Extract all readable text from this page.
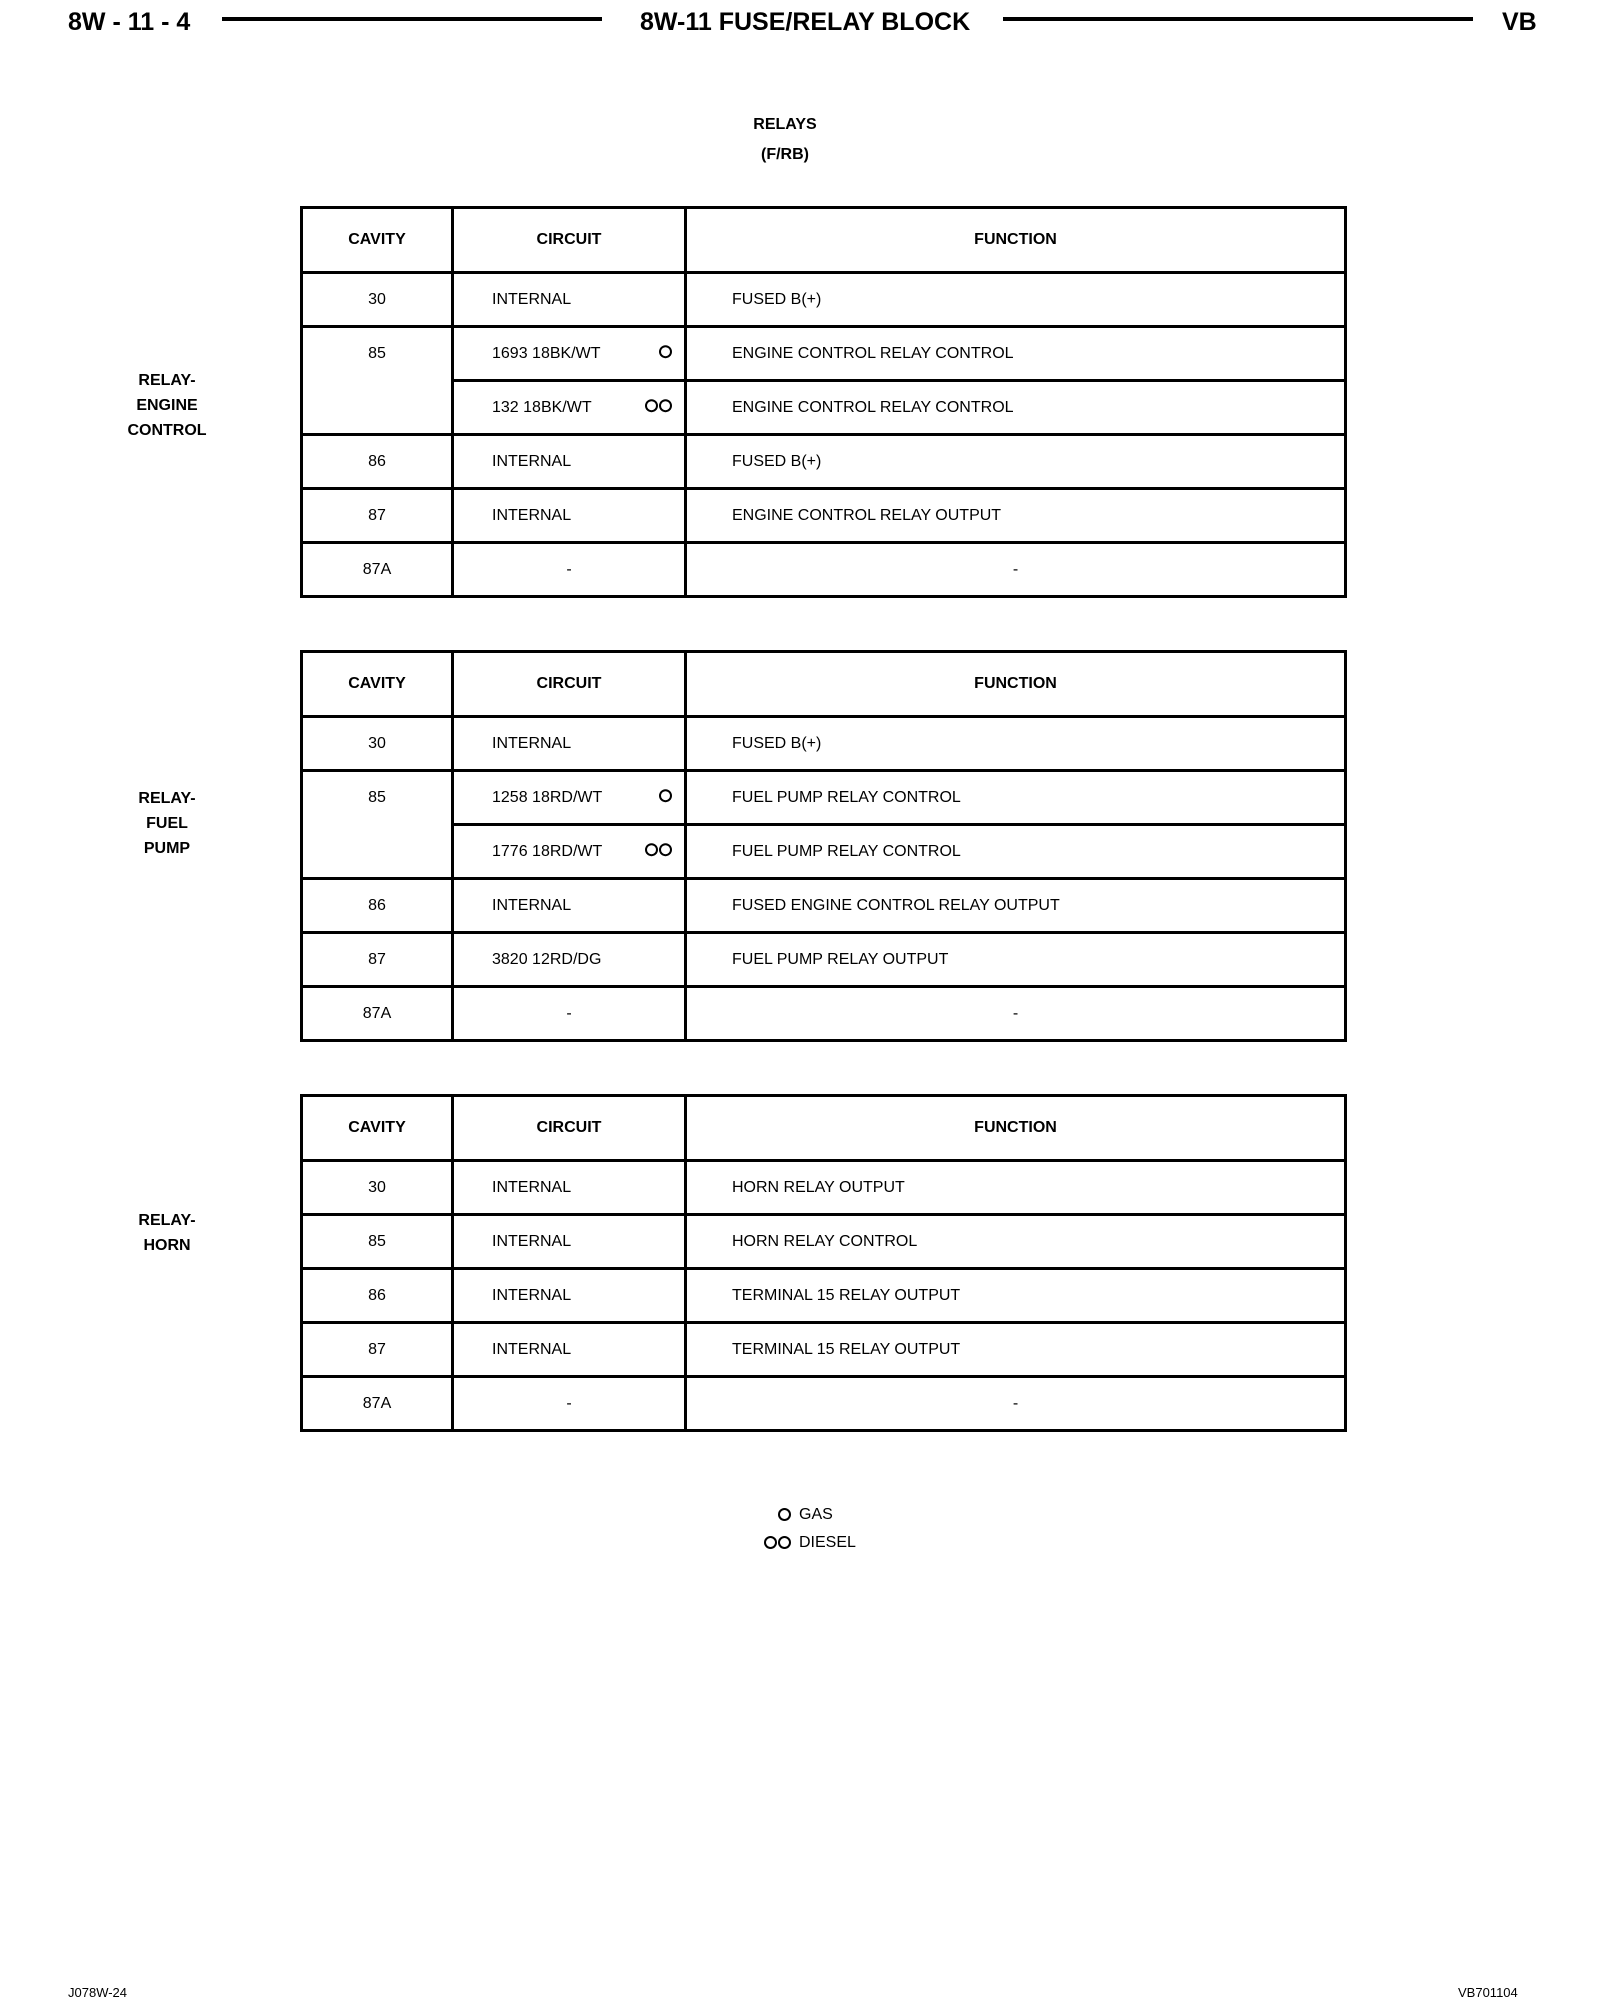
8W - 11 - 4	8W-11 FUSE/RELAY BLOCK	VB
RELAYS
(F/RB)
RELAY-
ENGINE
CONTROL
RELAY-
FUEL
PUMP
RELAY-
HORN
CAVITY	CIRCUIT	FUNCTION
30	INTERNAL	FUSED B(+)
85	1693 18BK/WT	ENGINE CONTROL RELAY CONTROL
	132 18BK/WT	ENGINE CONTROL RELAY CONTROL
86	INTERNAL	FUSED B(+)
87	INTERNAL	ENGINE CONTROL RELAY OUTPUT
87A	-	-
CAVITY	CIRCUIT	FUNCTION
30	INTERNAL	FUSED B(+)
85	1258 18RD/WT	FUEL PUMP RELAY CONTROL
	1776 18RD/WT	FUEL PUMP RELAY CONTROL
86	INTERNAL	FUSED ENGINE CONTROL RELAY OUTPUT
87	3820 12RD/DG	FUEL PUMP RELAY OUTPUT
87A	-	-
CAVITY	CIRCUIT	FUNCTION
30	INTERNAL	HORN RELAY OUTPUT
85	INTERNAL	HORN RELAY CONTROL
86	INTERNAL	TERMINAL 15 RELAY OUTPUT
87	INTERNAL	TERMINAL 15 RELAY OUTPUT
87A	-	-
GAS
DIESEL
J078W-24	VB701104
